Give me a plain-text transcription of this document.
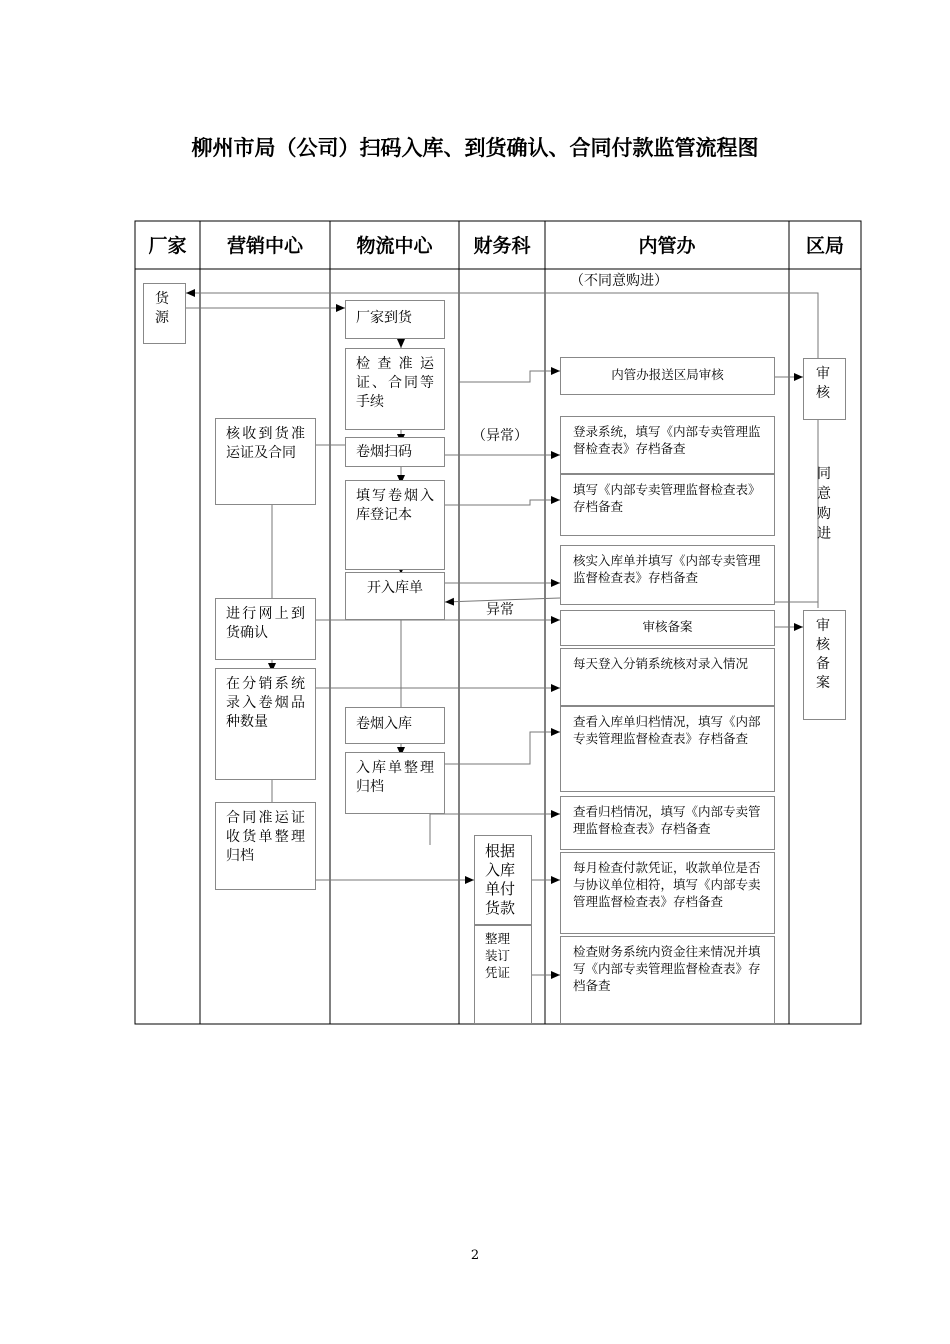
柳州市局（公司）扫码入库、到货确认、合同付款监管流程图
厂家	营销中心	物流中心	财务科	内管办	区局
货源	厂家到货
检查准运证、合同等手续
卷烟扫码
填写卷烟入库登记本
开入库单
卷烟入库
入库单整理归档
核收到货准运证及合同
进行网上到货确认
在分销系统录入卷烟品种数量
合同准运证收货单整理归档	根据入库单付货款
整理装订凭证
内管办报送区局审核
登录系统，填写《内部专卖管理监督检查表》存档备查
填写《内部专卖管理监督检查表》存档备查
核实入库单并填写《内部专卖管理监督检查表》存档备查
审核备案
每天登入分销系统核对录入情况
查看入库单归档情况，填写《内部专卖管理监督检查表》存档备查
查看归档情况，填写《内部专卖管理监督检查表》存档备查
每月检查付款凭证，收款单位是否与协议单位相符，填写《内部专卖管理监督检查表》存档备查
检查财务系统内资金往来情况并填写《内部专卖管理监督检查表》存档备查
审核
同意购进
审核备案
（不同意购进）
（异常）
异常
2
